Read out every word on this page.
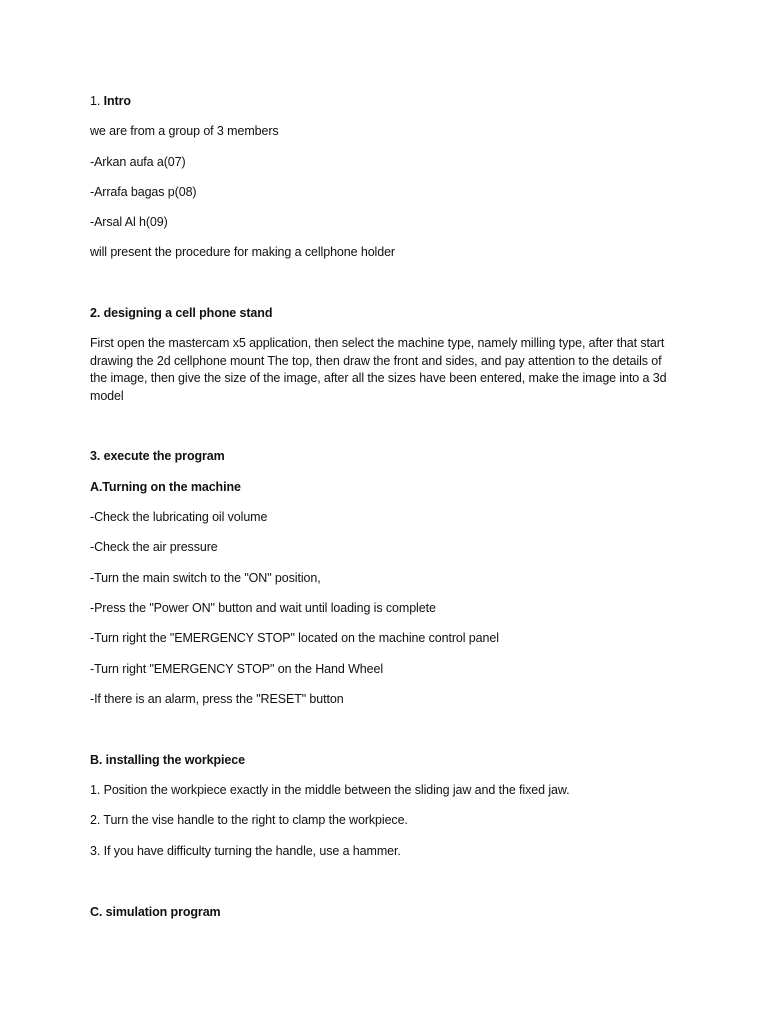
1. Intro
we are from a group of 3 members
-Arkan aufa a(07)
-Arrafa bagas p(08)
-Arsal Al h(09)
will present the procedure for making a cellphone holder
2. designing a cell phone stand
First open the mastercam x5 application, then select the machine type, namely milling type, after that start drawing the 2d cellphone mount The top, then draw the front and sides, and pay attention to the details of the image, then give the size of the image, after all the sizes have been entered, make the image into a 3d model
3. execute the program
A.Turning on the machine
-Check the lubricating oil volume
-Check the air pressure
-Turn the main switch to the "ON" position,
-Press the "Power ON" button and wait until loading is complete
-Turn right the "EMERGENCY STOP" located on the machine control panel
-Turn right "EMERGENCY STOP" on the Hand Wheel
-If there is an alarm, press the "RESET" button
B. installing the workpiece
1. Position the workpiece exactly in the middle between the sliding jaw and the fixed jaw.
2. Turn the vise handle to the right to clamp the workpiece.
3. If you have difficulty turning the handle, use a hammer.
C. simulation program
